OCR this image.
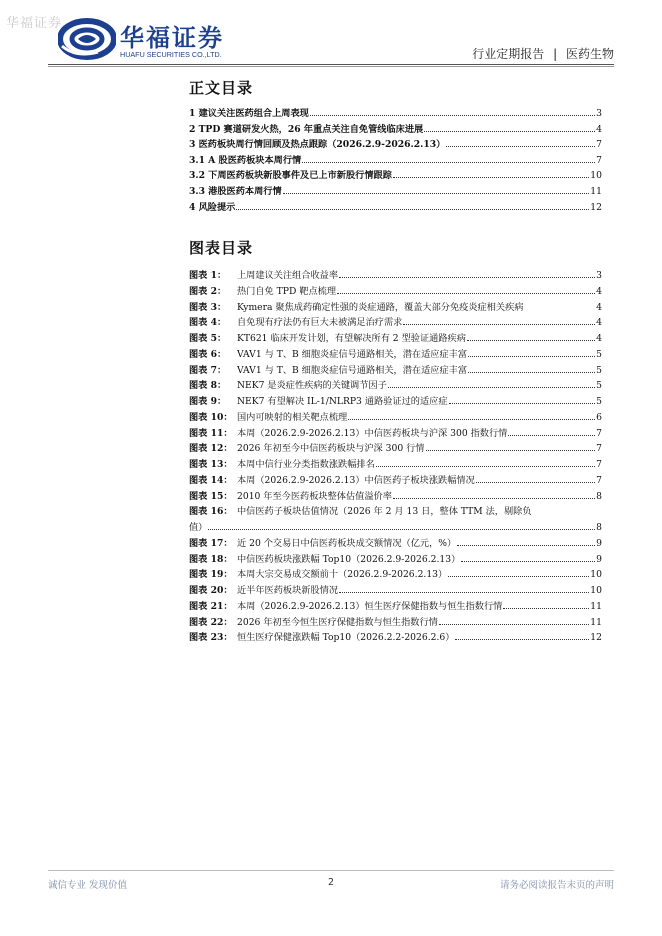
华福证券
华福证券
HUAFU SECURITIES CO.,LTD.	行业定期报告 | 医药生物
正文目录
1 建议关注医药组合上周表现	3
2 TPD 赛道研发火热，26 年重点关注自免管线临床进展	4
3 医药板块周行情回顾及热点跟踪（2026.2.9-2026.2.13）	7
3.1 A 股医药板块本周行情	7
3.2 下周医药板块新股事件及已上市新股行情跟踪	10
3.3 港股医药本周行情	11
4 风险提示	12
图表目录
图表 1：	上周建议关注组合收益率	3
图表 2：	热门自免 TPD 靶点梳理	4
图表 3：	Kymera 聚焦成药确定性强的炎症通路，覆盖大部分免疫炎症相关疾病	4
图表 4：	自免现有疗法仍有巨大未被满足治疗需求	4
图表 5：	KT621 临床开发计划，有望解决所有 2 型验证通路疾病	4
图表 6：	VAV1 与 T、B 细胞炎症信号通路相关，潜在适应症丰富	5
图表 7：	VAV1 与 T、B 细胞炎症信号通路相关，潜在适应症丰富	5
图表 8：	NEK7 是炎症性疾病的关键调节因子	5
图表 9：	NEK7 有望解决 IL-1/NLRP3 通路验证过的适应症	5
图表 10： 国内可映射的相关靶点梳理	6
图表 11： 本周（2026.2.9-2026.2.13）中信医药板块与沪深 300 指数行情	7
图表 12： 2026 年初至今中信医药板块与沪深 300 行情	7
图表 13： 本周中信行业分类指数涨跌幅排名	7
图表 14： 本周（2026.2.9-2026.2.13）中信医药子板块涨跌幅情况	7
图表 15： 2010 年至今医药板块整体估值溢价率	8
图表 16： 中信医药子板块估值情况（2026 年 2 月 13 日，整体 TTM 法，剔除负
值）	8
图表 17： 近 20 个交易日中信医药板块成交额情况（亿元，%）	9
图表 18： 中信医药板块涨跌幅 Top10（2026.2.9-2026.2.13）	9
图表 19： 本周大宗交易成交额前十（2026.2.9-2026.2.13）	10
图表 20： 近半年医药板块新股情况	10
图表 21： 本周（2026.2.9-2026.2.13）恒生医疗保健指数与恒生指数行情	11
图表 22： 2026 年初至今恒生医疗保健指数与恒生指数行情	11
图表 23： 恒生医疗保健涨跌幅 Top10（2026.2.2-2026.2.6）	12
诚信专业 发现价值	2	请务必阅读报告末页的声明
